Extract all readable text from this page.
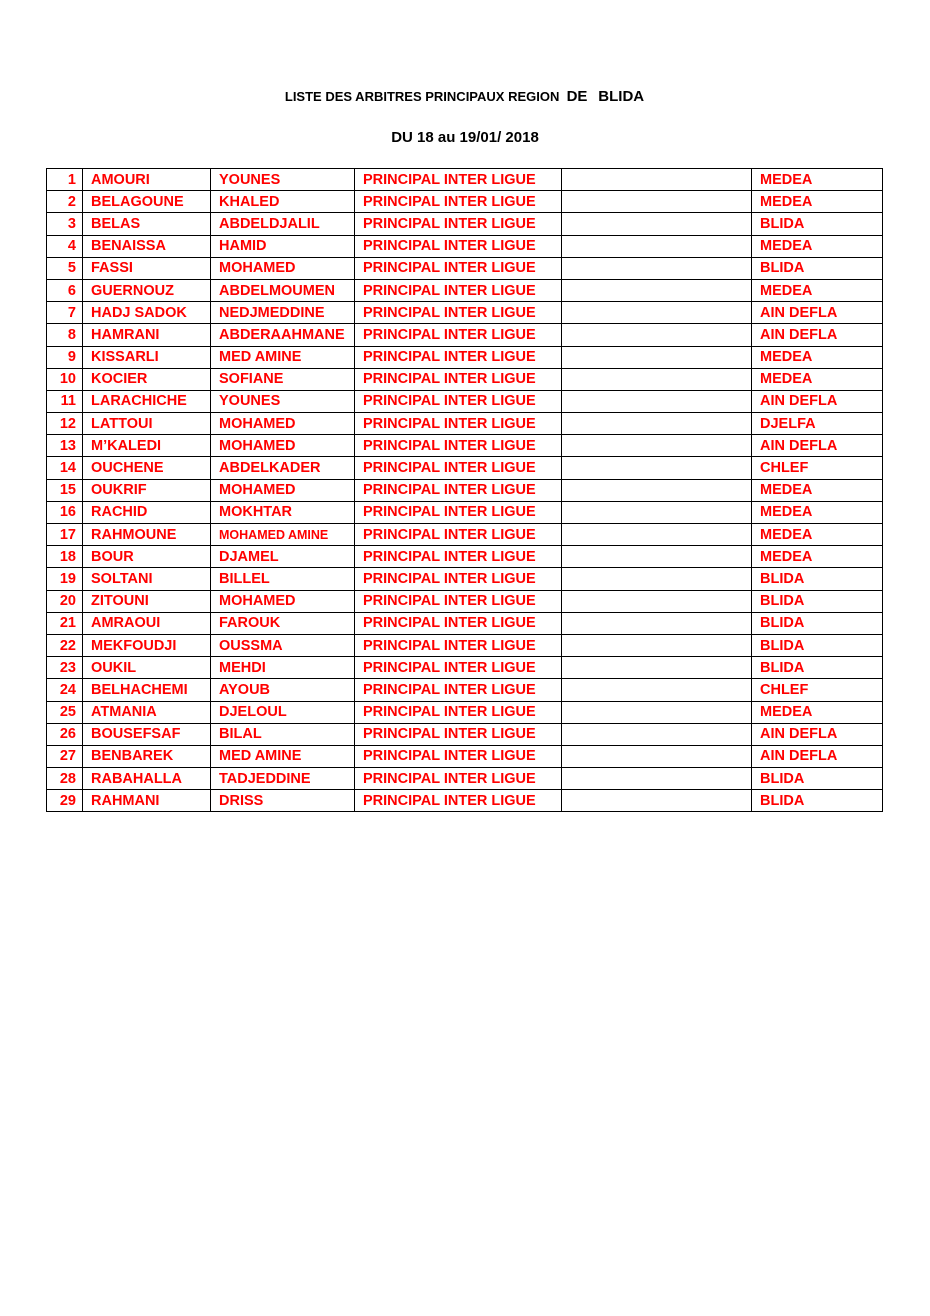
LISTE DES ARBITRES PRINCIPAUX REGION DE BLIDA
DU 18 au 19/01/ 2018
1	AMOURI	YOUNES	PRINCIPAL INTER LIGUE		MEDEA
2	BELAGOUNE	KHALED	PRINCIPAL INTER LIGUE		MEDEA
3	BELAS	ABDELDJALIL	PRINCIPAL INTER LIGUE		BLIDA
4	BENAISSA	HAMID	PRINCIPAL INTER LIGUE		MEDEA
5	FASSI	MOHAMED	PRINCIPAL INTER LIGUE		BLIDA
6	GUERNOUZ	ABDELMOUMEN	PRINCIPAL INTER LIGUE		MEDEA
7	HADJ SADOK	NEDJMEDDINE	PRINCIPAL INTER LIGUE		AIN DEFLA
8	HAMRANI	ABDERAAHMANE	PRINCIPAL INTER LIGUE		AIN DEFLA
9	KISSARLI	MED AMINE	PRINCIPAL INTER LIGUE		MEDEA
10	KOCIER	SOFIANE	PRINCIPAL INTER LIGUE		MEDEA
11	LARACHICHE	YOUNES	PRINCIPAL INTER LIGUE		AIN DEFLA
12	LATTOUI	MOHAMED	PRINCIPAL INTER LIGUE		DJELFA
13	M’KALEDI	MOHAMED	PRINCIPAL INTER LIGUE		AIN DEFLA
14	OUCHENE	ABDELKADER	PRINCIPAL INTER LIGUE		CHLEF
15	OUKRIF	MOHAMED	PRINCIPAL INTER LIGUE		MEDEA
16	RACHID	MOKHTAR	PRINCIPAL INTER LIGUE		MEDEA
17	RAHMOUNE	MOHAMED AMINE	PRINCIPAL INTER LIGUE		MEDEA
18	BOUR	DJAMEL	PRINCIPAL INTER LIGUE		MEDEA
19	SOLTANI	BILLEL	PRINCIPAL INTER LIGUE		BLIDA
20	ZITOUNI	MOHAMED	PRINCIPAL INTER LIGUE		BLIDA
21	AMRAOUI	FAROUK	PRINCIPAL INTER LIGUE		BLIDA
22	MEKFOUDJI	OUSSMA	PRINCIPAL INTER LIGUE		BLIDA
23	OUKIL	MEHDI	PRINCIPAL INTER LIGUE		BLIDA
24	BELHACHEMI	AYOUB	PRINCIPAL INTER LIGUE		CHLEF
25	ATMANIA	DJELOUL	PRINCIPAL INTER LIGUE		MEDEA
26	BOUSEFSAF	BILAL	PRINCIPAL INTER LIGUE		AIN DEFLA
27	BENBAREK	MED AMINE	PRINCIPAL INTER LIGUE		AIN DEFLA
28	RABAHALLA	TADJEDDINE	PRINCIPAL INTER LIGUE		BLIDA
29	RAHMANI	DRISS	PRINCIPAL INTER LIGUE		BLIDA
